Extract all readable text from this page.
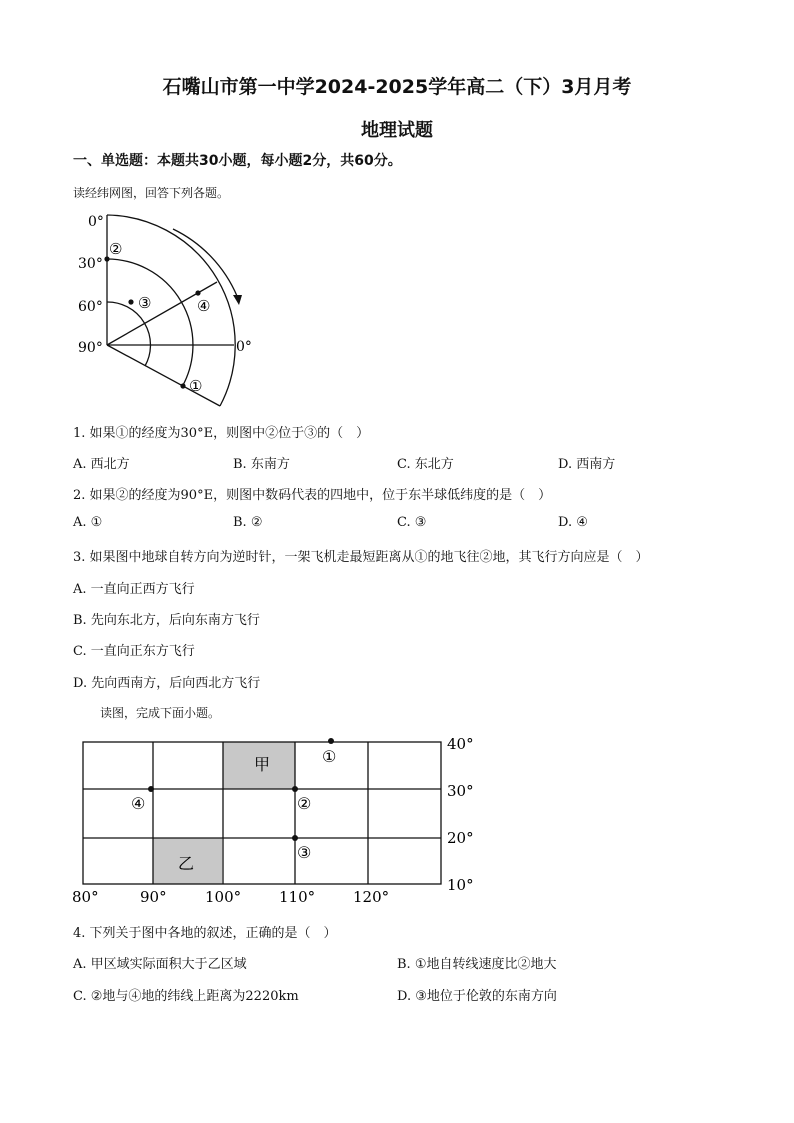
石嘴山市第一中学2024-2025学年高二（下）3月月考
地理试题
一、单选题：本题共30小题，每小题2分，共60分。
读经纬网图，回答下列各题。
0°
30°
60°
90°	0°
②
③	④
①
1. 如果①的经度为30°E，则图中②位于③的（　）
A. 西北方	B. 东南方	C. 东北方	D. 西南方
2. 如果②的经度为90°E，则图中数码代表的四地中，位于东半球低纬度的是（　）
A. ①	B. ②	C. ③	D. ④
3. 如果图中地球自转方向为逆时针，一架飞机走最短距离从①的地飞往②地，其飞行方向应是（　）
A. 一直向正西方飞行
B. 先向东北方，后向东南方飞行
C. 一直向正东方飞行
D. 先向西南方，后向西北方飞行
读图，完成下面小题。
甲
乙
①
②
③
④
40°
30°
20°
10°
80°	90°	100°	110°	120°
4. 下列关于图中各地的叙述，正确的是（　）
A. 甲区域实际面积大于乙区域	B. ①地自转线速度比②地大
C. ②地与④地的纬线上距离为2220km	D. ③地位于伦敦的东南方向
